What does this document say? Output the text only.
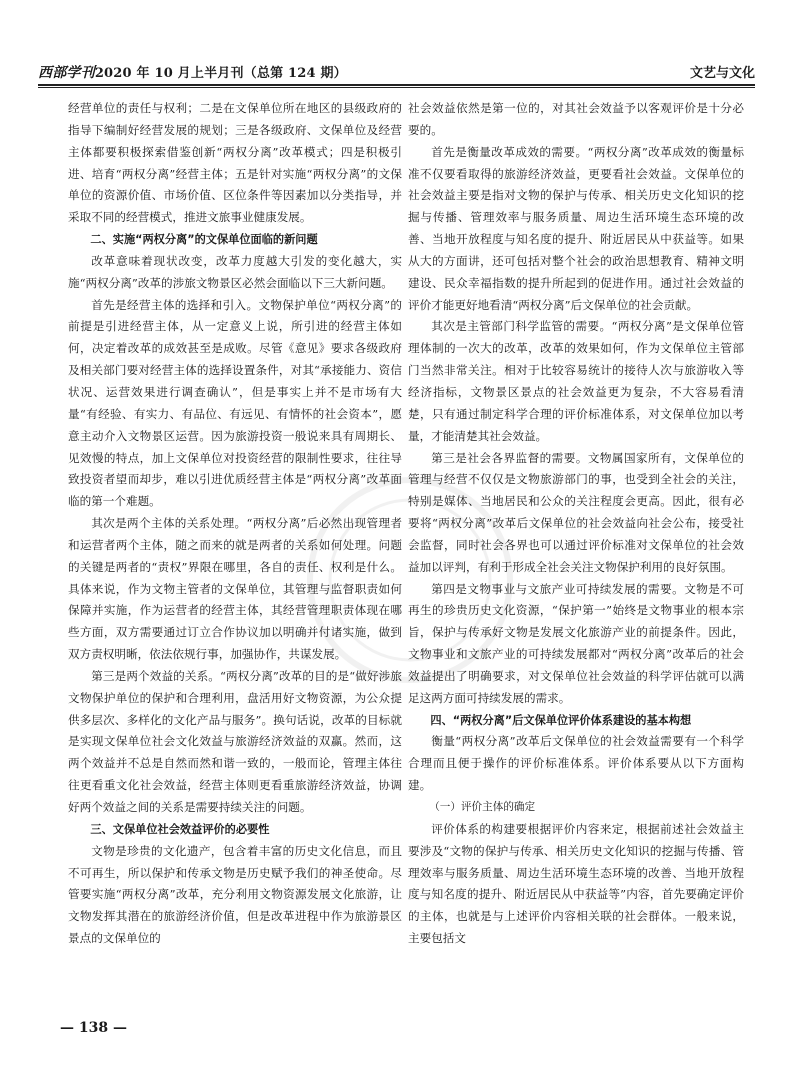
西部学刊2020 年 10 月上半月刊（总第 124 期）	文艺与文化

经营单位的责任与权利；二是在文保单位所在地区的县级政府的指导下编制好经营发展的规划；三是各级政府、文保单位及经营主体都要积极探索借鉴创新“两权分离”改革模式；四是积极引进、培育“两权分离”经营主体；五是针对实施“两权分离”的文保单位的资源价值、市场价值、区位条件等因素加以分类指导，并采取不同的经营模式，推进文旅事业健康发展。

二、实施“两权分离”的文保单位面临的新问题

改革意味着现状改变，改革力度越大引发的变化越大，实施“两权分离”改革的涉旅文物景区必然会面临以下三大新问题。

首先是经营主体的选择和引入。文物保护单位“两权分离”的前提是引进经营主体，从一定意义上说，所引进的经营主体如何，决定着改革的成效甚至是成败。尽管《意见》要求各级政府及相关部门要对经营主体的选择设置条件，对其“承接能力、资信状况、运营效果进行调查确认”，但是事实上并不是市场有大量“有经验、有实力、有品位、有远见、有情怀的社会资本”，愿意主动介入文物景区运营。因为旅游投资一般说来具有周期长、见效慢的特点，加上文保单位对投资经营的限制性要求，往往导致投资者望而却步，难以引进优质经营主体是“两权分离”改革面临的第一个难题。

其次是两个主体的关系处理。“两权分离”后必然出现管理者和运营者两个主体，随之而来的就是两者的关系如何处理。问题的关键是两者的“责权”界限在哪里，各自的责任、权利是什么。具体来说，作为文物主管者的文保单位，其管理与监督职责如何保障并实施，作为运营者的经营主体，其经营管理职责体现在哪些方面，双方需要通过订立合作协议加以明确并付诸实施，做到双方责权明晰，依法依规行事，加强协作，共谋发展。

第三是两个效益的关系。“两权分离”改革的目的是“做好涉旅文物保护单位的保护和合理利用，盘活用好文物资源，为公众提供多层次、多样化的文化产品与服务”。换句话说，改革的目标就是实现文保单位社会文化效益与旅游经济效益的双赢。然而，这两个效益并不总是自然而然和谐一致的，一般而论，管理主体往往更看重文化社会效益，经营主体则更看重旅游经济效益，协调好两个效益之间的关系是需要持续关注的问题。

三、文保单位社会效益评价的必要性

文物是珍贵的文化遗产，包含着丰富的历史文化信息，而且不可再生，所以保护和传承文物是历史赋予我们的神圣使命。尽管要实施“两权分离”改革，充分利用文物资源发展文化旅游，让文物发挥其潜在的旅游经济价值，但是改革进程中作为旅游景区景点的文保单位的

社会效益依然是第一位的，对其社会效益予以客观评价是十分必要的。

首先是衡量改革成效的需要。“两权分离”改革成效的衡量标准不仅要看取得的旅游经济效益，更要看社会效益。文保单位的社会效益主要是指对文物的保护与传承、相关历史文化知识的挖掘与传播、管理效率与服务质量、周边生活环境生态环境的改善、当地开放程度与知名度的提升、附近居民从中获益等。如果从大的方面讲，还可包括对整个社会的政治思想教育、精神文明建设、民众幸福指数的提升所起到的促进作用。通过社会效益的评价才能更好地看清“两权分离”后文保单位的社会贡献。

其次是主管部门科学监管的需要。“两权分离”是文保单位管理体制的一次大的改革，改革的效果如何，作为文保单位主管部门当然非常关注。相对于比较容易统计的接待人次与旅游收入等经济指标，文物景区景点的社会效益更为复杂，不大容易看清楚，只有通过制定科学合理的评价标准体系，对文保单位加以考量，才能清楚其社会效益。

第三是社会各界监督的需要。文物属国家所有，文保单位的管理与经营不仅仅是文物旅游部门的事，也受到全社会的关注，特别是媒体、当地居民和公众的关注程度会更高。因此，很有必要将“两权分离”改革后文保单位的社会效益向社会公布，接受社会监督，同时社会各界也可以通过评价标准对文保单位的社会效益加以评判，有利于形成全社会关注文物保护利用的良好氛围。

第四是文物事业与文旅产业可持续发展的需要。文物是不可再生的珍贵历史文化资源，“保护第一”始终是文物事业的根本宗旨，保护与传承好文物是发展文化旅游产业的前提条件。因此，文物事业和文旅产业的可持续发展都对“两权分离”改革后的社会效益提出了明确要求，对文保单位社会效益的科学评估就可以满足这两方面可持续发展的需求。

四、“两权分离”后文保单位评价体系建设的基本构想

衡量“两权分离”改革后文保单位的社会效益需要有一个科学合理而且便于操作的评价标准体系。评价体系要从以下方面构建。

（一）评价主体的确定

评价体系的构建要根据评价内容来定，根据前述社会效益主要涉及“文物的保护与传承、相关历史文化知识的挖掘与传播、管理效率与服务质量、周边生活环境生态环境的改善、当地开放程度与知名度的提升、附近居民从中获益等”内容，首先要确定评价的主体，也就是与上述评价内容相关联的社会群体。一般来说，主要包括文

— 138 —
